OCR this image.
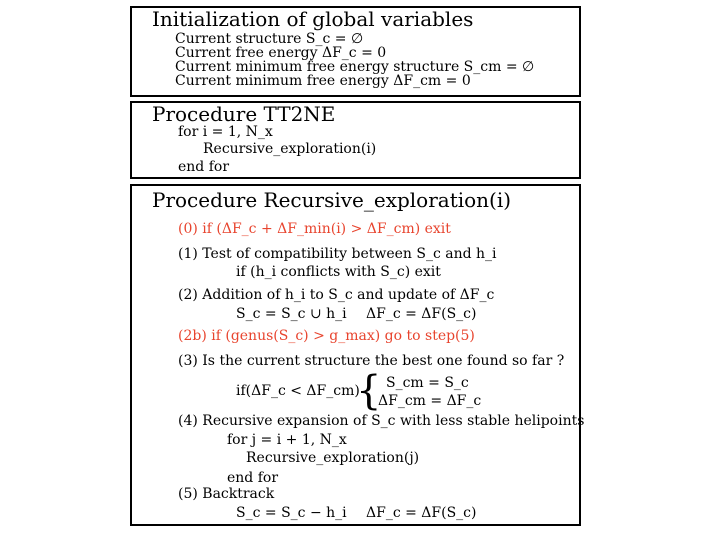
Initialization of global variables
Current structure S_c = ∅
Current free energy ΔF_c = 0
Current minimum free energy structure S_cm = ∅
Current minimum free energy ΔF_cm = 0
Procedure TT2NE
for i = 1, N_x
Recursive_exploration(i)
end for
Procedure Recursive_exploration(i)
(0) if (ΔF_c + ΔF_min(i) > ΔF_cm) exit
(1) Test of compatibility between S_c and h_i
if (h_i conflicts with S_c) exit
(2) Addition of h_i to S_c and update of ΔF_c
S_c = S_c ∪ h_i ΔF_c = ΔF(S_c)
(2b) if (genus(S_c) > g_max) go to step(5)
(3) Is the current structure the best one found so far ?
if(ΔF_c < ΔF_cm)
{ S_cm = S_c
ΔF_cm = ΔF_c
(4) Recursive expansion of S_c with less stable helipoints
for j = i + 1, N_x
Recursive_exploration(j)
end for
(5) Backtrack
S_c = S_c − h_i ΔF_c = ΔF(S_c)
